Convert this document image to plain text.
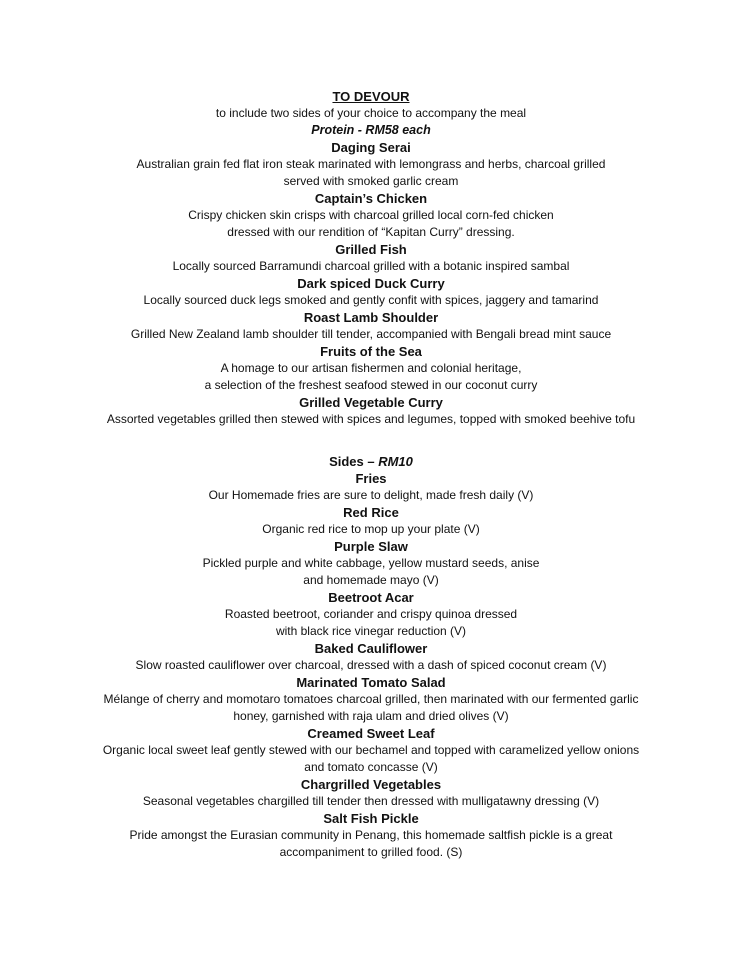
TO DEVOUR
to include two sides of your choice to accompany the meal
Protein - RM58 each
Daging Serai
Australian grain fed flat iron steak marinated with lemongrass and herbs, charcoal grilled
served with smoked garlic cream
Captain’s Chicken
Crispy chicken skin crisps with charcoal grilled local corn-fed chicken
dressed with our rendition of “Kapitan Curry” dressing.
Grilled Fish
Locally sourced Barramundi charcoal grilled with a botanic inspired sambal
Dark spiced Duck Curry
Locally sourced duck legs smoked and gently confit with spices, jaggery and tamarind
Roast Lamb Shoulder
Grilled New Zealand lamb shoulder till tender, accompanied with Bengali bread mint sauce
Fruits of the Sea
A homage to our artisan fishermen and colonial heritage,
a selection of the freshest seafood stewed in our coconut curry
Grilled Vegetable Curry
Assorted vegetables grilled then stewed with spices and legumes, topped with smoked beehive tofu
Sides – RM10
Fries
Our Homemade fries are sure to delight, made fresh daily (V)
Red Rice
Organic red rice to mop up your plate (V)
Purple Slaw
Pickled purple and white cabbage, yellow mustard seeds, anise
and homemade mayo (V)
Beetroot Acar
Roasted beetroot, coriander and crispy quinoa dressed
with black rice vinegar reduction (V)
Baked Cauliflower
Slow roasted cauliflower over charcoal, dressed with a dash of spiced coconut cream (V)
Marinated Tomato Salad
Mélange of cherry and momotaro tomatoes charcoal grilled, then marinated with our fermented garlic
honey, garnished with raja ulam and dried olives (V)
Creamed Sweet Leaf
Organic local sweet leaf gently stewed with our bechamel and topped with caramelized yellow onions
and tomato concasse (V)
Chargrilled Vegetables
Seasonal vegetables chargilled till tender then dressed with mulligatawny dressing (V)
Salt Fish Pickle
Pride amongst the Eurasian community in Penang, this homemade saltfish pickle is a great
accompaniment to grilled food. (S)
